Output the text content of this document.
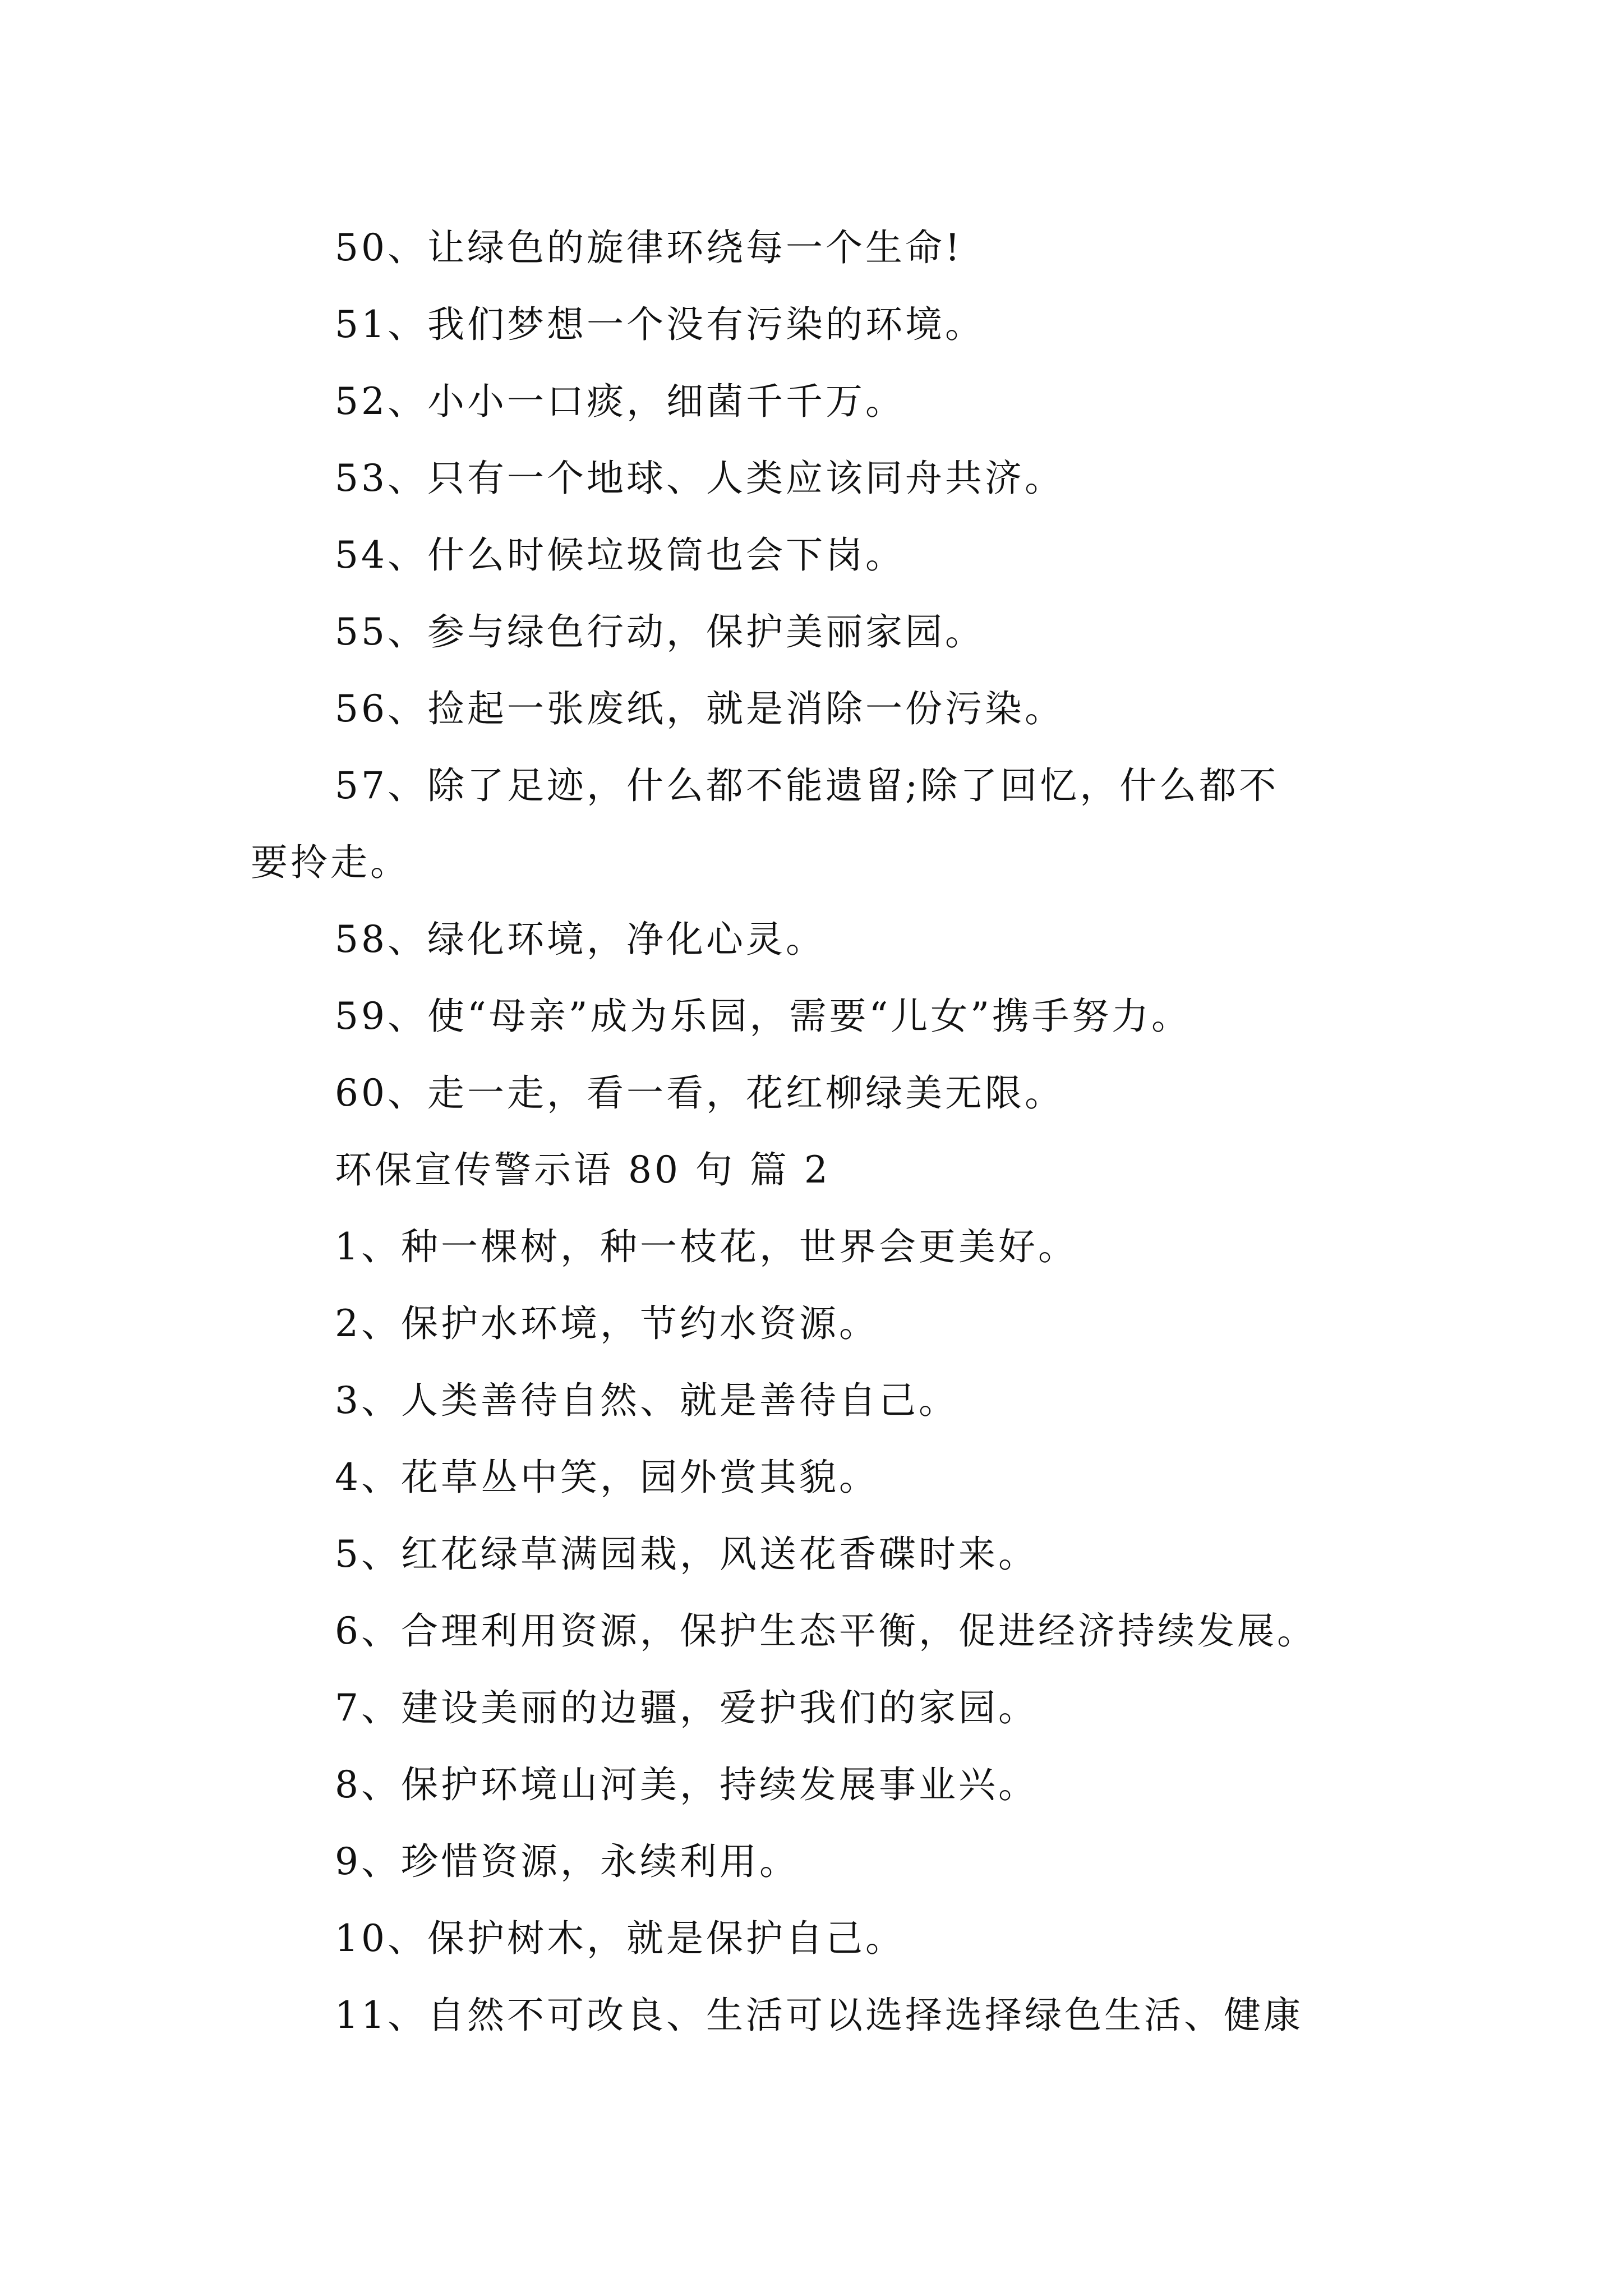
50、让绿色的旋律环绕每一个生命!
51、我们梦想一个没有污染的环境。
52、小小一口痰，细菌千千万。
53、只有一个地球、人类应该同舟共济。
54、什么时候垃圾筒也会下岗。
55、参与绿色行动，保护美丽家园。
56、捡起一张废纸，就是消除一份污染。
57、除了足迹，什么都不能遗留;除了回忆，什么都不
要拎走。
58、绿化环境，净化心灵。
59、使“母亲”成为乐园，需要“儿女”携手努力。
60、走一走，看一看，花红柳绿美无限。
环保宣传警示语 80 句 篇 2
1、种一棵树，种一枝花，世界会更美好。
2、保护水环境，节约水资源。
3、人类善待自然、就是善待自己。
4、花草丛中笑，园外赏其貌。
5、红花绿草满园栽，风送花香碟时来。
6、合理利用资源，保护生态平衡，促进经济持续发展。
7、建设美丽的边疆，爱护我们的家园。
8、保护环境山河美，持续发展事业兴。
9、珍惜资源，永续利用。
10、保护树木，就是保护自己。
11、自然不可改良、生活可以选择选择绿色生活、健康
